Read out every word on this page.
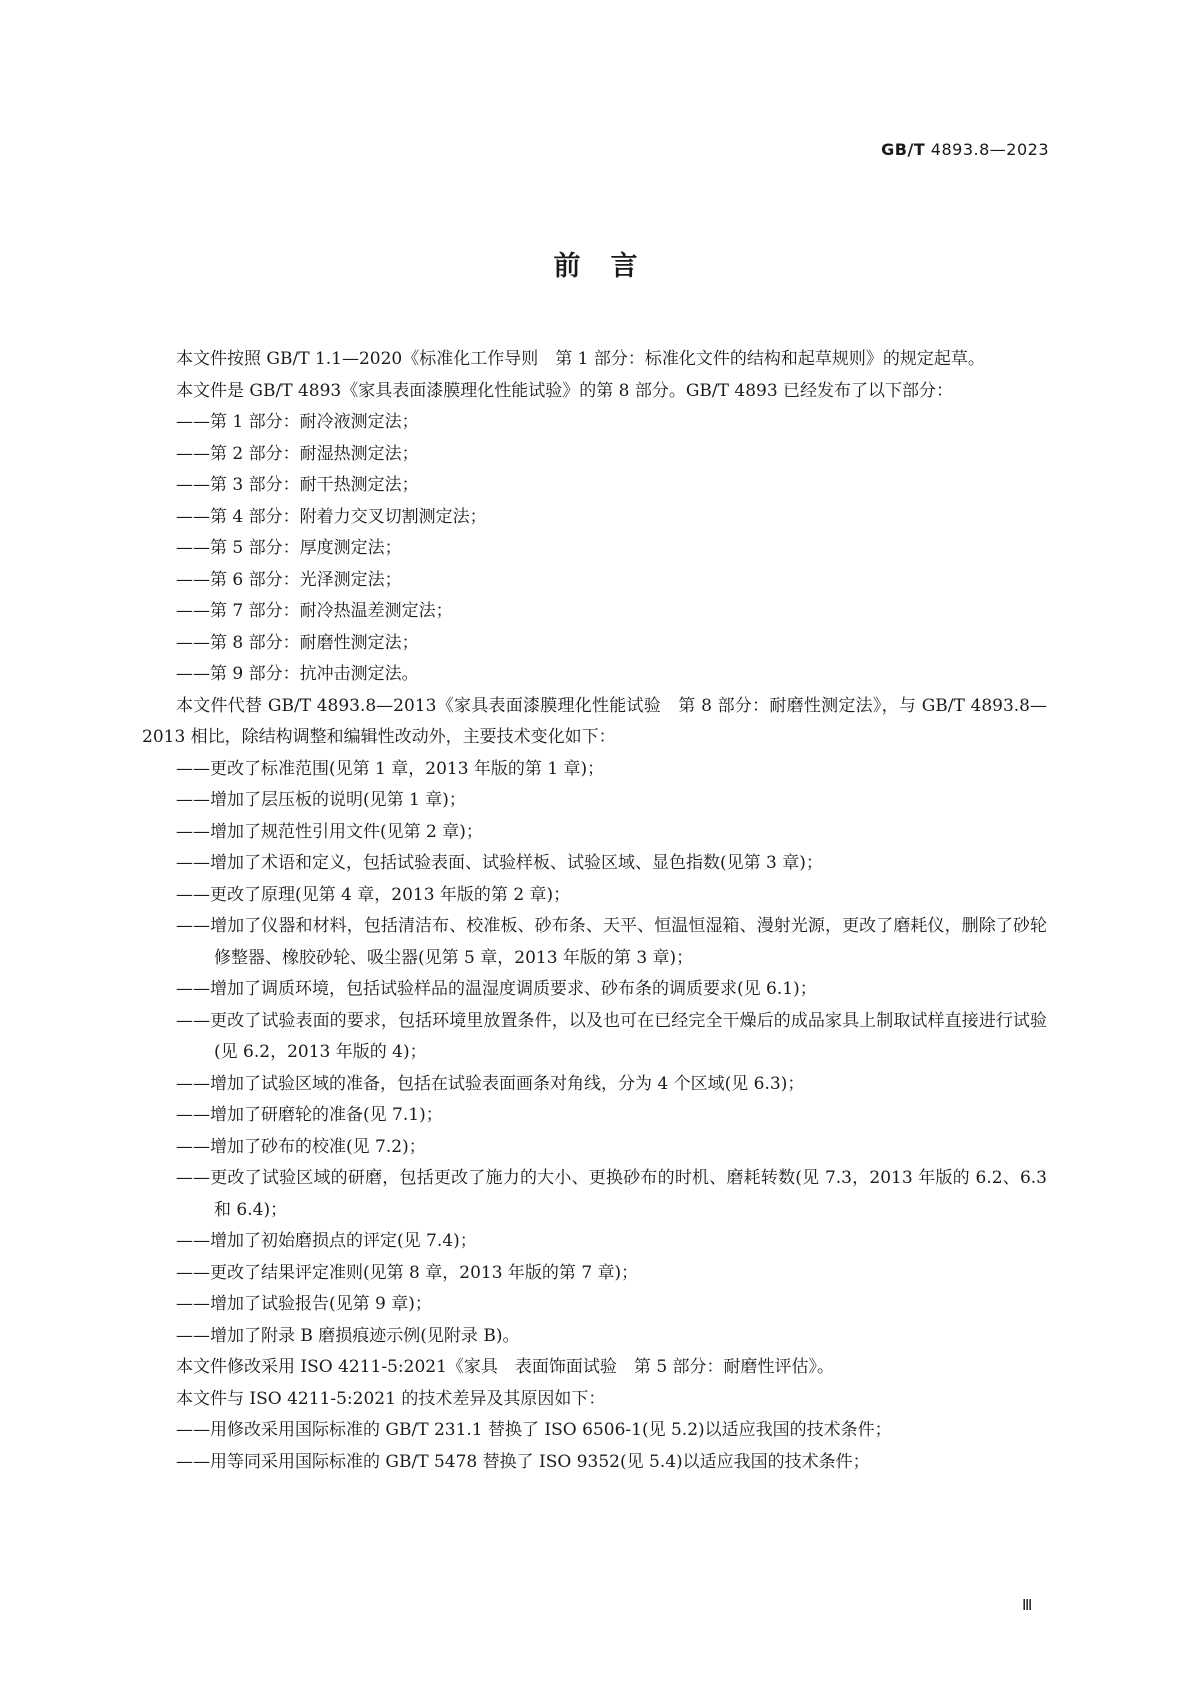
GB/T 4893.8—2023
前言

本文件按照 GB/T 1.1—2020《标准化工作导则　第 1 部分：标准化文件的结构和起草规则》的规定起草。

本文件是 GB/T 4893《家具表面漆膜理化性能试验》的第 8 部分。GB/T 4893 已经发布了以下部分：

——第 1 部分：耐冷液测定法；

——第 2 部分：耐湿热测定法；

——第 3 部分：耐干热测定法；

——第 4 部分：附着力交叉切割测定法；

——第 5 部分：厚度测定法；

——第 6 部分：光泽测定法；

——第 7 部分：耐冷热温差测定法；

——第 8 部分：耐磨性测定法；

——第 9 部分：抗冲击测定法。

本文件代替 GB/T 4893.8—2013《家具表面漆膜理化性能试验　第 8 部分：耐磨性测定法》，与 GB/T 4893.8—2013 相比，除结构调整和编辑性改动外，主要技术变化如下：

——更改了标准范围(见第 1 章，2013 年版的第 1 章)；

——增加了层压板的说明(见第 1 章)；

——增加了规范性引用文件(见第 2 章)；

——增加了术语和定义，包括试验表面、试验样板、试验区域、显色指数(见第 3 章)；

——更改了原理(见第 4 章，2013 年版的第 2 章)；

——增加了仪器和材料，包括清洁布、校准板、砂布条、天平、恒温恒湿箱、漫射光源，更改了磨耗仪，删除了砂轮修整器、橡胶砂轮、吸尘器(见第 5 章，2013 年版的第 3 章)；

——增加了调质环境，包括试验样品的温湿度调质要求、砂布条的调质要求(见 6.1)；

——更改了试验表面的要求，包括环境里放置条件，以及也可在已经完全干燥后的成品家具上制取试样直接进行试验(见 6.2，2013 年版的 4)；

——增加了试验区域的准备，包括在试验表面画条对角线，分为 4 个区域(见 6.3)；

——增加了研磨轮的准备(见 7.1)；

——增加了砂布的校准(见 7.2)；

——更改了试验区域的研磨，包括更改了施力的大小、更换砂布的时机、磨耗转数(见 7.3，2013 年版的 6.2、6.3 和 6.4)；

——增加了初始磨损点的评定(见 7.4)；

——更改了结果评定准则(见第 8 章，2013 年版的第 7 章)；

——增加了试验报告(见第 9 章)；

——增加了附录 B 磨损痕迹示例(见附录 B)。

本文件修改采用 ISO 4211-5:2021《家具　表面饰面试验　第 5 部分：耐磨性评估》。

本文件与 ISO 4211-5:2021 的技术差异及其原因如下：

——用修改采用国际标准的 GB/T 231.1 替换了 ISO 6506-1(见 5.2)以适应我国的技术条件；

——用等同采用国际标准的 GB/T 5478 替换了 ISO 9352(见 5.4)以适应我国的技术条件；

Ⅲ
